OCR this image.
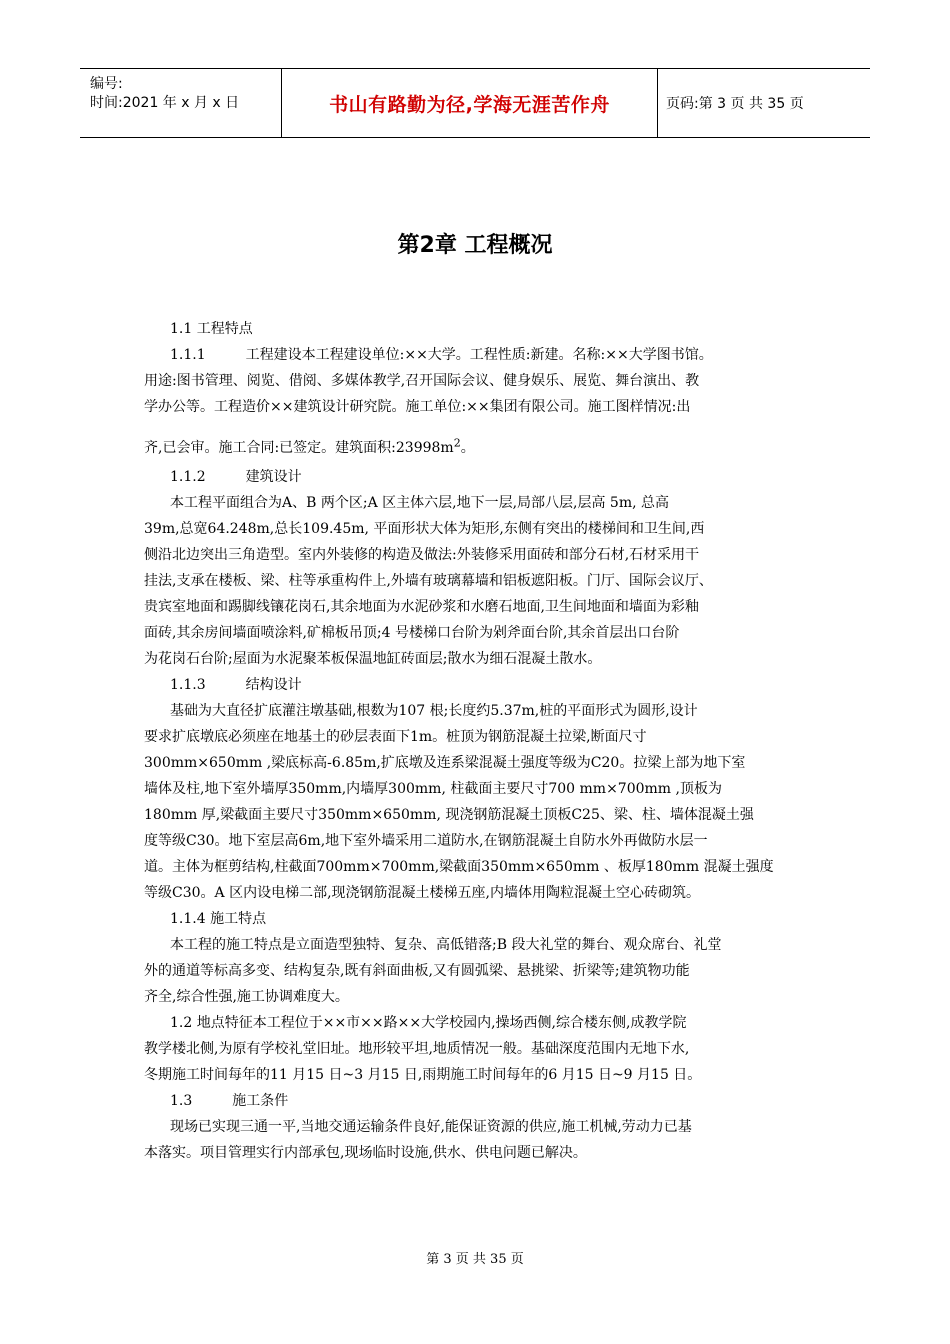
编号:
时间:2021 年 x 月 x 日	书山有路勤为径,学海无涯苦作舟	页码:第 3 页 共 35 页
第2章 工程概况
1.1 工程特点
1.1.1	工程建设本工程建设单位:××大学。工程性质:新建。名称:××大学图书馆。
用途:图书管理、阅览、借阅、多媒体教学,召开国际会议、健身娱乐、展览、舞台演出、教
学办公等。工程造价××建筑设计研究院。施工单位:××集团有限公司。施工图样情况:出
齐,已会审。施工合同:已签定。建筑面积$:23998m^2$。
1.1.2	建筑设计
本工程平面组合为A、B 两个区;A 区主体六层,地下一层,局部八层,层高 5m, 总高
39m,总宽64.248m,总长109.45m, 平面形状大体为矩形,东侧有突出的楼梯间和卫生间,西
侧沿北边突出三角造型。室内外装修的构造及做法:外装修采用面砖和部分石材,石材采用干
挂法,支承在楼板、梁、柱等承重构件上,外墙有玻璃幕墙和铝板遮阳板。门厅、国际会议厅、
贵宾室地面和踢脚线镶花岗石,其余地面为水泥砂浆和水磨石地面,卫生间地面和墙面为彩釉
面砖,其余房间墙面喷涂料,矿棉板吊顶;4 号楼梯口台阶为剁斧面台阶,其余首层出口台阶
为花岗石台阶;屋面为水泥聚苯板保温地缸砖面层;散水为细石混凝土散水。
1.1.3	结构设计
基础为大直径扩底灌注墩基础,根数为107 根;长度约5.37m,桩的平面形式为圆形,设计
要求扩底墩底必须座在地基土的砂层表面下1m。桩顶为钢筋混凝土拉梁,断面尺寸
300mm×650mm ,梁底标高-6.85m,扩底墩及连系梁混凝土强度等级为C20。拉梁上部为地下室
墙体及柱,地下室外墙厚350mm,内墙厚300mm, 柱截面主要尺寸700 mm×700mm ,顶板为
180mm 厚,梁截面主要尺寸350mm×650mm, 现浇钢筋混凝土顶板C25、梁、柱、墙体混凝土强
度等级C30。地下室层高6m,地下室外墙采用二道防水,在钢筋混凝土自防水外再做防水层一
道。主体为框剪结构,柱截面700mm×700mm,梁截面350mm×650mm 、板厚180mm 混凝土强度
等级C30。A 区内设电梯二部,现浇钢筋混凝土楼梯五座,内墙体用陶粒混凝土空心砖砌筑。
1.1.4 施工特点
本工程的施工特点是立面造型独特、复杂、高低错落;B 段大礼堂的舞台、观众席台、礼堂
外的通道等标高多变、结构复杂,既有斜面曲板,又有圆弧梁、悬挑梁、折梁等;建筑物功能
齐全,综合性强,施工协调难度大。
1.2 地点特征本工程位于××市××路××大学校园内,操场西侧,综合楼东侧,成教学院
教学楼北侧,为原有学校礼堂旧址。地形较平坦,地质情况一般。基础深度范围内无地下水,
冬期施工时间每年的11 月15 日~3 月15 日,雨期施工时间每年的6 月15 日~9 月15 日。
1.3	施工条件
现场已实现三通一平,当地交通运输条件良好,能保证资源的供应,施工机械,劳动力已基
本落实。项目管理实行内部承包,现场临时设施,供水、供电问题已解决。
第 3 页 共 35 页
